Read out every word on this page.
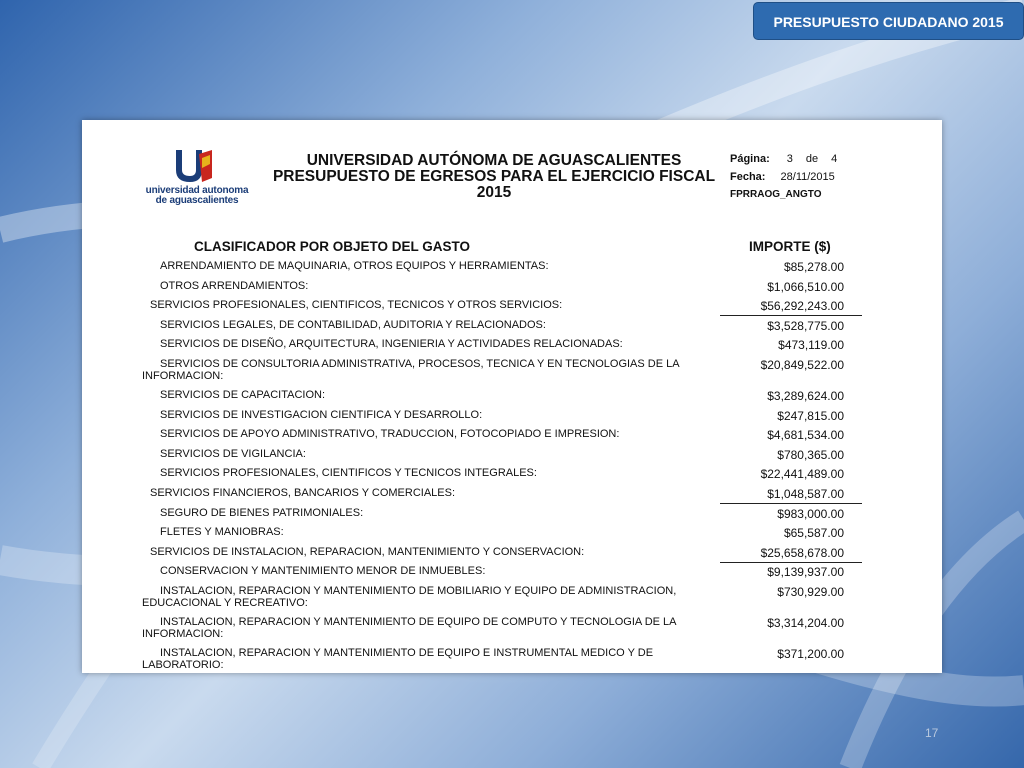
PRESUPUESTO CIUDADANO 2015
universidad autonoma
de aguascalientes
UNIVERSIDAD AUTÓNOMA DE AGUASCALIENTES
PRESUPUESTO DE EGRESOS PARA EL EJERCICIO FISCAL
2015
Página: 3 de 4
Fecha: 28/11/2015
FPRRAOG_ANGTO
CLASIFICADOR POR OBJETO DEL GASTO	IMPORTE ($)
ARRENDAMIENTO DE MAQUINARIA, OTROS EQUIPOS Y HERRAMIENTAS:	$85,278.00
OTROS ARRENDAMIENTOS:	$1,066,510.00
SERVICIOS PROFESIONALES, CIENTIFICOS, TECNICOS Y OTROS SERVICIOS:	$56,292,243.00
SERVICIOS LEGALES, DE CONTABILIDAD, AUDITORIA Y RELACIONADOS:	$3,528,775.00
SERVICIOS DE DISEÑO, ARQUITECTURA, INGENIERIA Y ACTIVIDADES RELACIONADAS:	$473,119.00
SERVICIOS DE CONSULTORIA ADMINISTRATIVA, PROCESOS, TECNICA Y EN TECNOLOGIAS DE LA
INFORMACION:
$20,849,522.00
SERVICIOS DE CAPACITACION:	$3,289,624.00
SERVICIOS DE INVESTIGACION CIENTIFICA Y DESARROLLO:	$247,815.00
SERVICIOS DE APOYO ADMINISTRATIVO, TRADUCCION, FOTOCOPIADO E IMPRESION:	$4,681,534.00
SERVICIOS DE VIGILANCIA:	$780,365.00
SERVICIOS PROFESIONALES, CIENTIFICOS Y TECNICOS INTEGRALES:	$22,441,489.00
SERVICIOS FINANCIEROS, BANCARIOS Y COMERCIALES:	$1,048,587.00
SEGURO DE BIENES PATRIMONIALES:	$983,000.00
FLETES Y MANIOBRAS:	$65,587.00
SERVICIOS DE INSTALACION, REPARACION, MANTENIMIENTO Y CONSERVACION:	$25,658,678.00
CONSERVACION Y MANTENIMIENTO MENOR DE INMUEBLES:	$9,139,937.00
INSTALACION, REPARACION Y MANTENIMIENTO DE MOBILIARIO Y EQUIPO DE ADMINISTRACION,
EDUCACIONAL Y RECREATIVO:
$730,929.00
INSTALACION, REPARACION Y MANTENIMIENTO DE EQUIPO DE COMPUTO Y TECNOLOGIA DE LA
INFORMACION:
$3,314,204.00
INSTALACION, REPARACION Y MANTENIMIENTO DE EQUIPO E INSTRUMENTAL MEDICO Y DE
LABORATORIO:
$371,200.00
17
